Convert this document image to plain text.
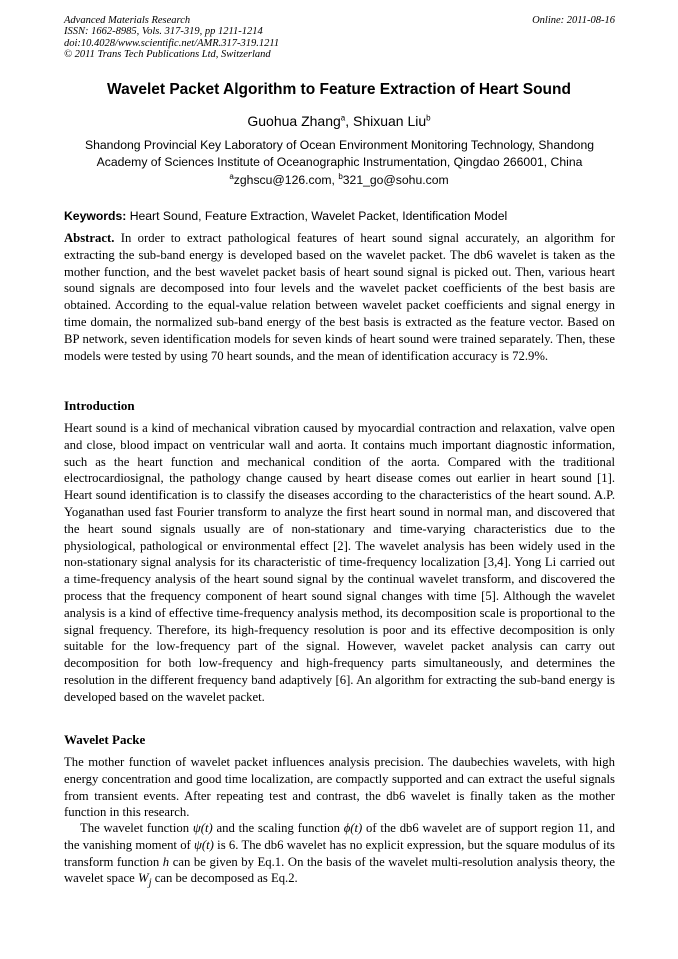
Advanced Materials Research
ISSN: 1662-8985, Vols. 317-319, pp 1211-1214
doi:10.4028/www.scientific.net/AMR.317-319.1211
© 2011 Trans Tech Publications Ltd, Switzerland
Online: 2011-08-16
Wavelet Packet Algorithm to Feature Extraction of Heart Sound
Guohua Zhang$^a$, Shixuan Liu$^b$
Shandong Provincial Key Laboratory of Ocean Environment Monitoring Technology, Shandong Academy of Sciences Institute of Oceanographic Instrumentation, Qingdao 266001, China
$^a$zghscu@126.com, $^b$321_go@sohu.com
Keywords: Heart Sound, Feature Extraction, Wavelet Packet, Identification Model

Abstract. In order to extract pathological features of heart sound signal accurately, an algorithm for extracting the sub-band energy is developed based on the wavelet packet. The db6 wavelet is taken as the mother function, and the best wavelet packet basis of heart sound signal is picked out. Then, various heart sound signals are decomposed into four levels and the wavelet packet coefficients of the best basis are obtained. According to the equal-value relation between wavelet packet coefficients and signal energy in time domain, the normalized sub-band energy of the best basis is extracted as the feature vector. Based on BP network, seven identification models for seven kinds of heart sound were trained separately. Then, these models were tested by using 70 heart sounds, and the mean of identification accuracy is 72.9%.

Introduction

Heart sound is a kind of mechanical vibration caused by myocardial contraction and relaxation, valve open and close, blood impact on ventricular wall and aorta. It contains much important diagnostic information, such as the heart function and mechanical condition of the aorta. Compared with the traditional electrocardiosignal, the pathology change caused by heart disease comes out earlier in heart sound [1]. Heart sound identification is to classify the diseases according to the characteristics of the heart sound. A.P. Yoganathan used fast Fourier transform to analyze the first heart sound in normal man, and discovered that the heart sound signals usually are of non-stationary and time-varying characteristics due to the physiological, pathological or environmental effect [2]. The wavelet analysis has been widely used in the non-stationary signal analysis for its characteristic of time-frequency localization [3,4]. Yong Li carried out a time-frequency analysis of the heart sound signal by the continual wavelet transform, and discovered the process that the frequency component of heart sound signal changes with time [5]. Although the wavelet analysis is a kind of effective time-frequency analysis method, its decomposition scale is proportional to the signal frequency. Therefore, its high-frequency resolution is poor and its effective decomposition is only suitable for the low-frequency part of the signal. However, wavelet packet analysis can carry out decomposition for both low-frequency and high-frequency parts simultaneously, and determines the resolution in the different frequency band adaptively [6]. An algorithm for extracting the sub-band energy is developed based on the wavelet packet.

Wavelet Packe

The mother function of wavelet packet influences analysis precision. The daubechies wavelets, with high energy concentration and good time localization, are compactly supported and can extract the useful signals from transient events. After repeating test and contrast, the db6 wavelet is finally taken as the mother function in this research.

The wavelet function ψ(t) and the scaling function ϕ(t) of the db6 wavelet are of support region 11, and the vanishing moment of ψ(t) is 6. The db6 wavelet has no explicit expression, but the square modulus of its transform function h can be given by Eq.1. On the basis of the wavelet multi-resolution analysis theory, the wavelet space $W_j$ can be decomposed as Eq.2.
